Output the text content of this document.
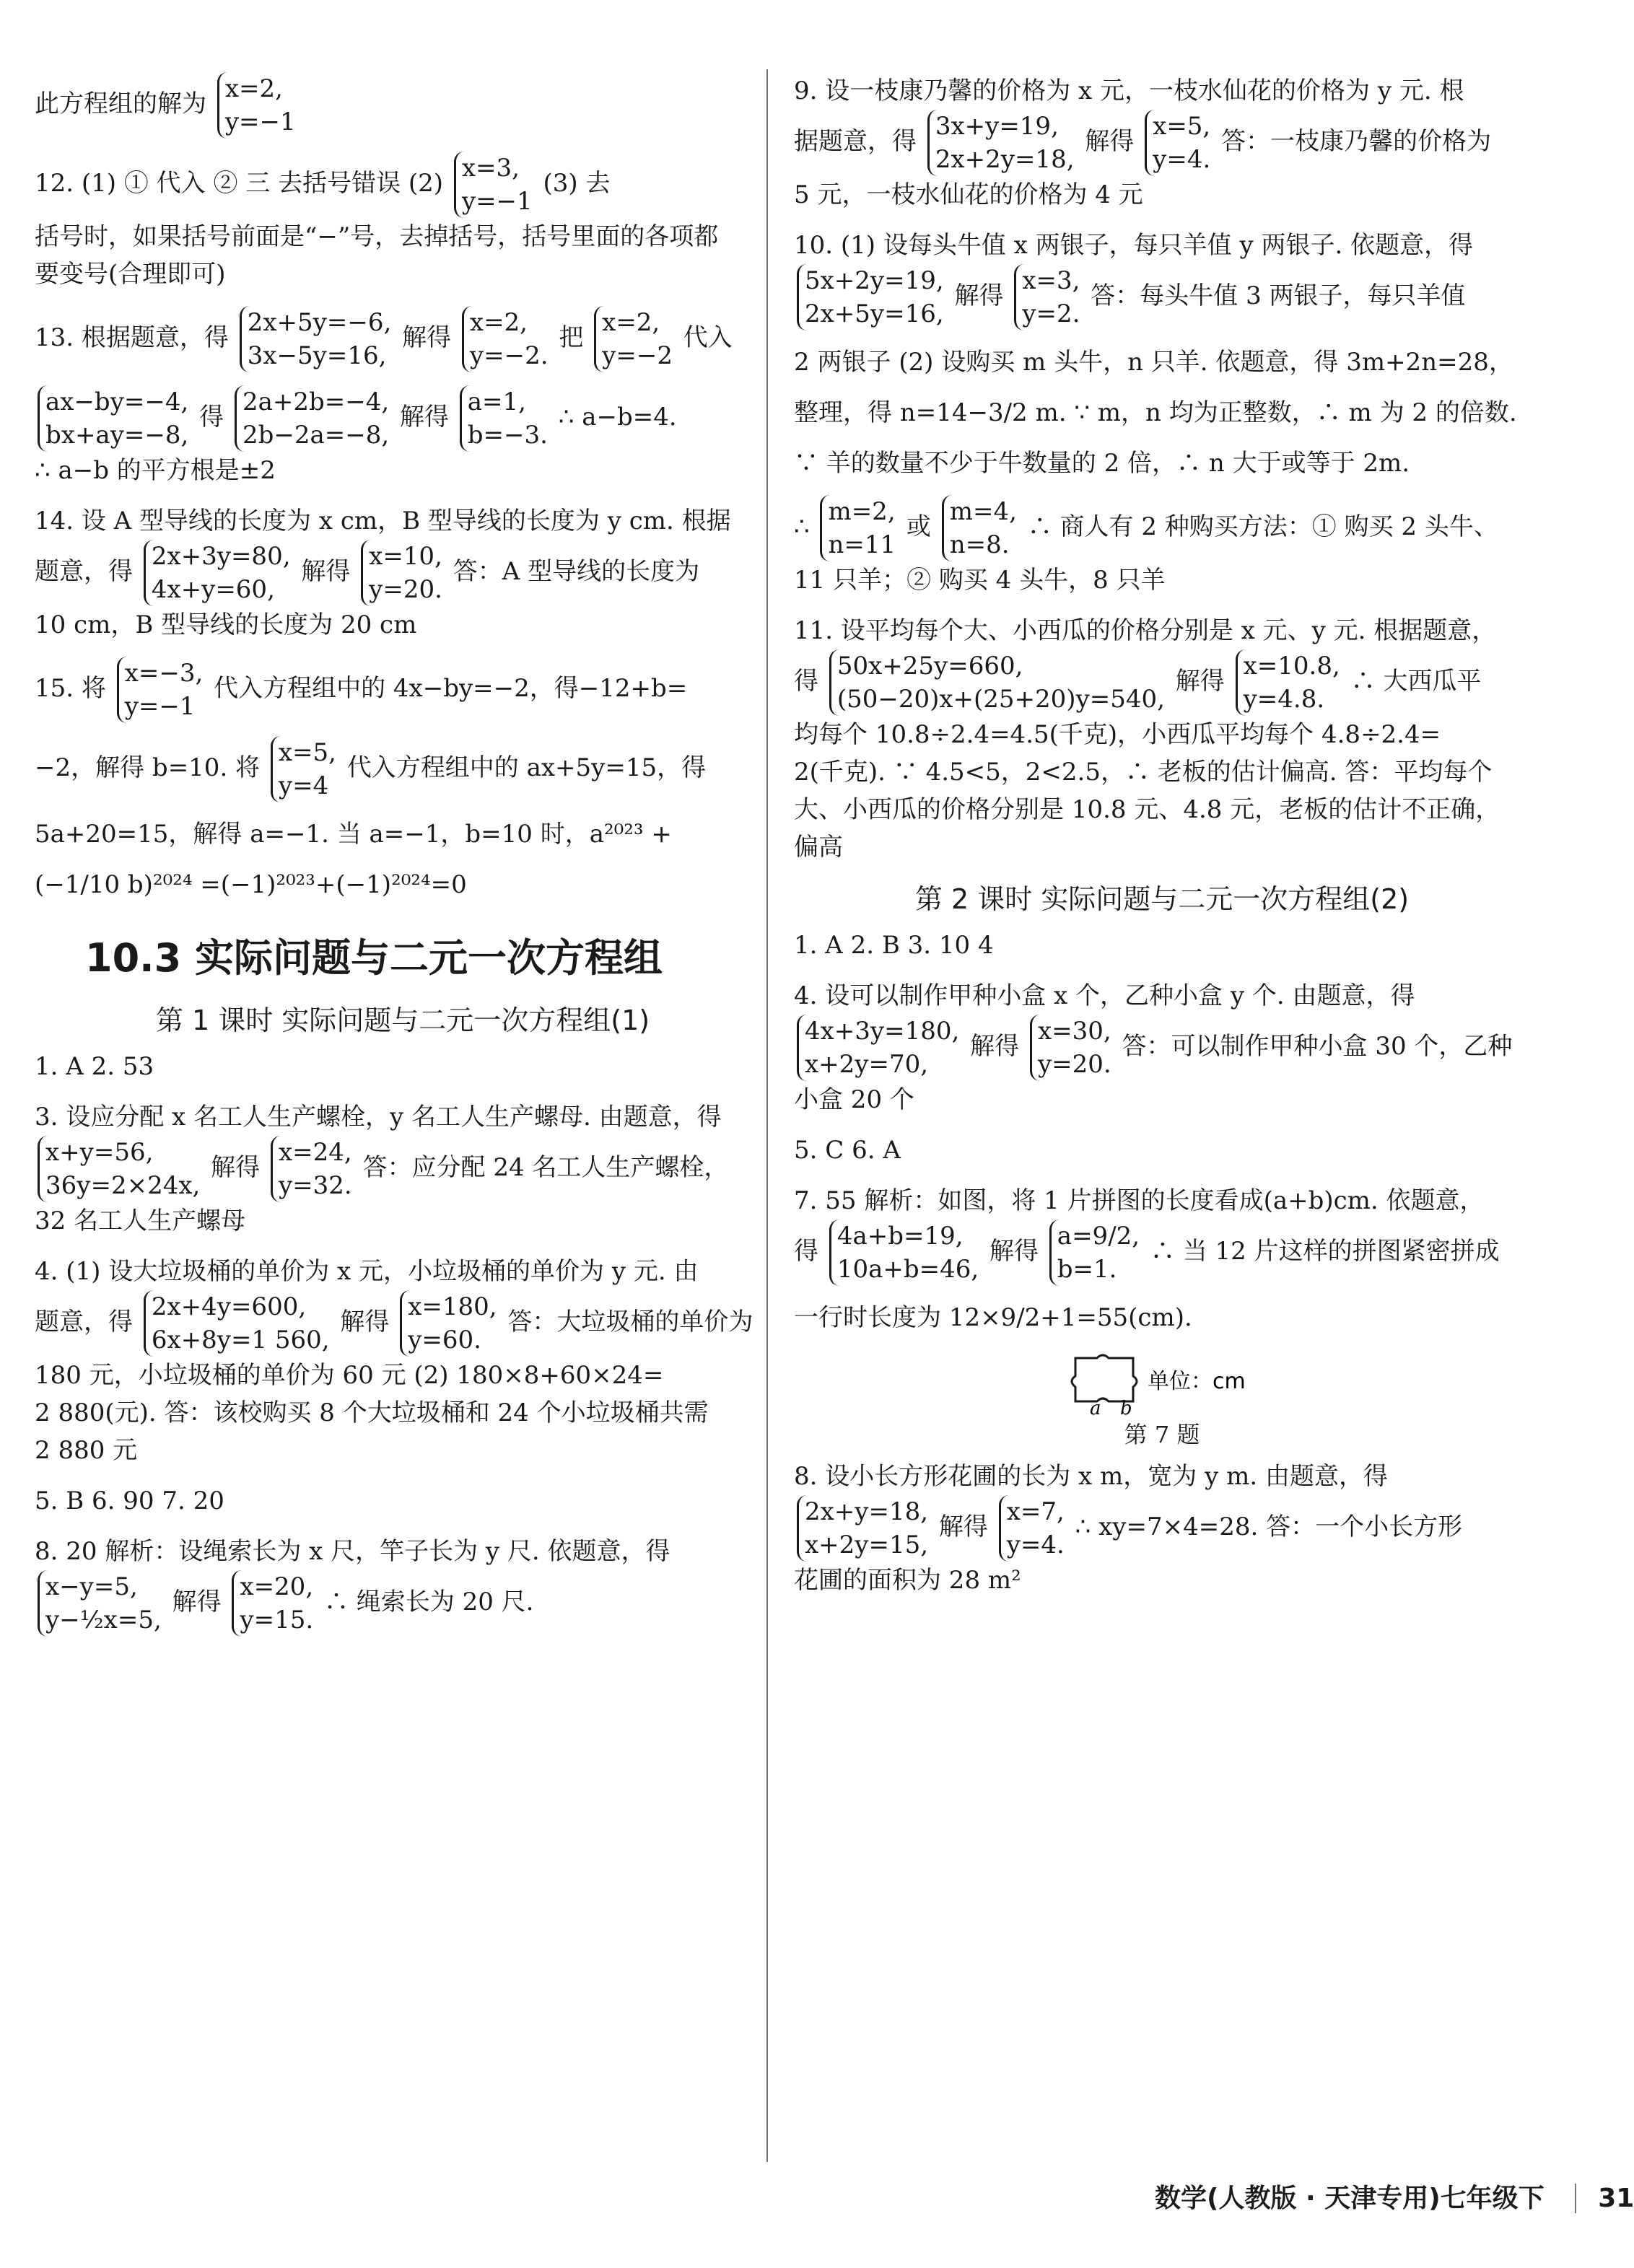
此方程组的解为
x=2,
y=−1
12. (1) ① 代入 ② 三 去括号错误 (2)
x=3,
y=−1
(3) 去

括号时，如果括号前面是“−”号，去掉括号，括号里面的各项都

要变号(合理即可)

13. 根据题意，得
2x+5y=−6,
3x−5y=16,
解得
x=2,
y=−2.
把
x=2,
y=−2
代入
ax−by=−4,
bx+ay=−8,
得
2a+2b=−4,
2b−2a=−8,
解得
a=1,
b=−3.
∴ a−b=4.

∴ a−b 的平方根是±2

14. 设 A 型导线的长度为 x cm，B 型导线的长度为 y cm. 根据

题意，得
2x+3y=80,
4x+y=60,
解得
x=10,
y=20.
答：A 型导线的长度为

10 cm，B 型导线的长度为 20 cm

15. 将
x=−3,
y=−1
代入方程组中的 4x−by=−2，得−12+b=
−2，解得 b=10. 将
x=5,
y=4
代入方程组中的 ax+5y=15，得

5a+20=15，解得 a=−1. 当 a=−1，b=10 时，a²⁰²³ +

(−1/10 b)²⁰²⁴ =(−1)²⁰²³+(−1)²⁰²⁴=0

10.3 实际问题与二元一次方程组
第 1 课时 实际问题与二元一次方程组(1)

1. A 2. 53

3. 设应分配 x 名工人生产螺栓，y 名工人生产螺母. 由题意，得

x+y=56,
36y=2×24x,
解得
x=24,
y=32.
答：应分配 24 名工人生产螺栓，

32 名工人生产螺母

4. (1) 设大垃圾桶的单价为 x 元，小垃圾桶的单价为 y 元. 由

题意，得
2x+4y=600,
6x+8y=1 560,
解得
x=180,
y=60.
答：大垃圾桶的单价为

180 元，小垃圾桶的单价为 60 元 (2) 180×8+60×24=

2 880(元). 答：该校购买 8 个大垃圾桶和 24 个小垃圾桶共需

2 880 元

5. B 6. 90 7. 20

8. 20 解析：设绳索长为 x 尺，竿子长为 y 尺. 依题意，得

x−y=5,
y−½x=5,
解得
x=20,
y=15.
∴ 绳索长为 20 尺.

9. 设一枝康乃馨的价格为 x 元，一枝水仙花的价格为 y 元. 根

据题意，得
3x+y=19,
2x+2y=18,
解得
x=5,
y=4.
答：一枝康乃馨的价格为

5 元，一枝水仙花的价格为 4 元

10. (1) 设每头牛值 x 两银子，每只羊值 y 两银子. 依题意，得

5x+2y=19,
2x+5y=16,
解得
x=3,
y=2.
答：每头牛值 3 两银子，每只羊值

2 两银子 (2) 设购买 m 头牛，n 只羊. 依题意，得 3m+2n=28，

整理，得 n=14−3/2 m. ∵ m，n 均为正整数，∴ m 为 2 的倍数.

∵ 羊的数量不少于牛数量的 2 倍，∴ n 大于或等于 2m.

∴
m=2,
n=11
或
m=4,
n=8.
∴ 商人有 2 种购买方法：① 购买 2 头牛、

11 只羊；② 购买 4 头牛，8 只羊

11. 设平均每个大、小西瓜的价格分别是 x 元、y 元. 根据题意，

得
50x+25y=660,
(50−20)x+(25+20)y=540,
解得
x=10.8,
y=4.8.
∴ 大西瓜平

均每个 10.8÷2.4=4.5(千克)，小西瓜平均每个 4.8÷2.4=

2(千克). ∵ 4.5<5，2<2.5，∴ 老板的估计偏高. 答：平均每个

大、小西瓜的价格分别是 10.8 元、4.8 元，老板的估计不正确，

偏高

第 2 课时 实际问题与二元一次方程组(2)

1. A 2. B 3. 10 4

4. 设可以制作甲种小盒 x 个，乙种小盒 y 个. 由题意，得

4x+3y=180,
x+2y=70,
解得
x=30,
y=20.
答：可以制作甲种小盒 30 个，乙种

小盒 20 个

5. C 6. A

7. 55 解析：如图，将 1 片拼图的长度看成(a+b)cm. 依题意，

得
4a+b=19,
10a+b=46,
解得
a=9/2,
b=1.
∴ 当 12 片这样的拼图紧密拼成

一行时长度为 12×9/2+1=55(cm).

a b
单位：cm
第 7 题

8. 设小长方形花圃的长为 x m，宽为 y m. 由题意，得

2x+y=18,
x+2y=15,
解得
x=7,
y=4.
∴ xy=7×4=28. 答：一个小长方形

花圃的面积为 28 m²

数学(人教版 · 天津专用)七年级下 31
